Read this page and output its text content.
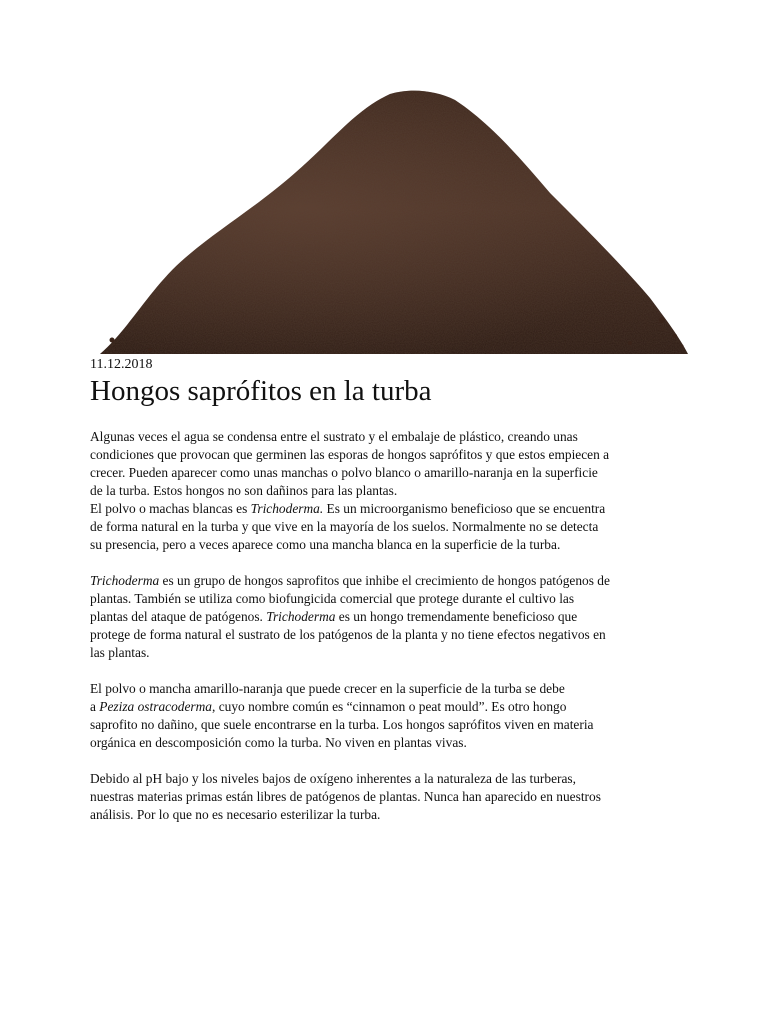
11.12.2018
Hongos saprófitos en la turba

Algunas veces el agua se condensa entre el sustrato y el embalaje de plástico, creando unas
condiciones que provocan que germinen las esporas de hongos saprófitos y que estos empiecen a
crecer. Pueden aparecer como unas manchas o polvo blanco o amarillo-naranja en la superficie
de la turba. Estos hongos no son dañinos para las plantas.

El polvo o machas blancas es Trichoderma. Es un microorganismo beneficioso que se encuentra
de forma natural en la turba y que vive en la mayoría de los suelos. Normalmente no se detecta
su presencia, pero a veces aparece como una mancha blanca en la superficie de la turba.

Trichoderma es un grupo de hongos saprofitos que inhibe el crecimiento de hongos patógenos de
plantas. También se utiliza como biofungicida comercial que protege durante el cultivo las
plantas del ataque de patógenos. Trichoderma es un hongo tremendamente beneficioso que
protege de forma natural el sustrato de los patógenos de la planta y no tiene efectos negativos en
las plantas.

El polvo o mancha amarillo-naranja que puede crecer en la superficie de la turba se debe
a Peziza ostracoderma, cuyo nombre común es “cinnamon o peat mould”. Es otro hongo
saprofito no dañino, que suele encontrarse en la turba. Los hongos saprófitos viven en materia
orgánica en descomposición como la turba. No viven en plantas vivas.

Debido al pH bajo y los niveles bajos de oxígeno inherentes a la naturaleza de las turberas,
nuestras materias primas están libres de patógenos de plantas. Nunca han aparecido en nuestros
análisis. Por lo que no es necesario esterilizar la turba.
